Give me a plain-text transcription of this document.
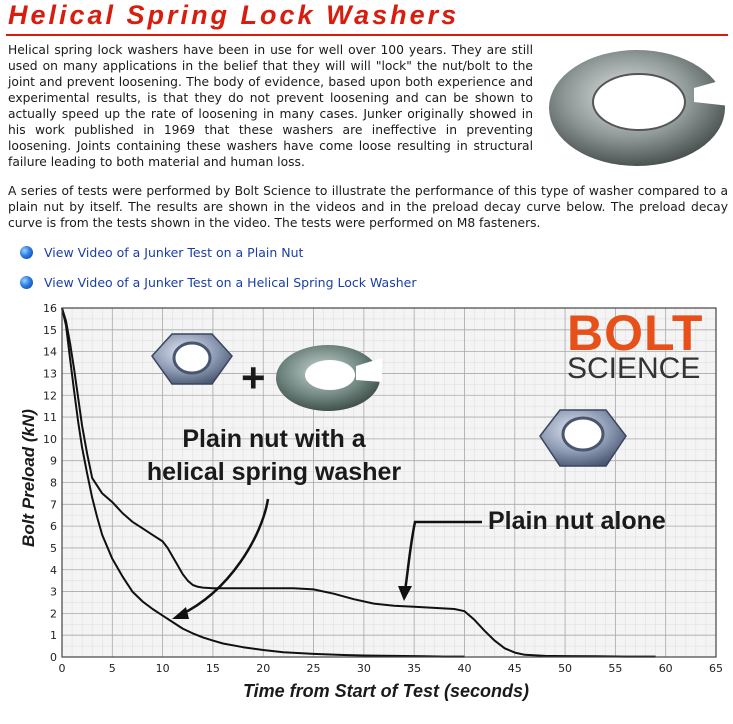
Helical Spring Lock Washers

Helical spring lock washers have been in use for well over 100 years. They are still used on many applications in the belief that they will will "lock" the nut/bolt to the joint and prevent loosening. The body of evidence, based upon both experience and experimental results, is that they do not prevent loosening and can be shown to actually speed up the rate of loosening in many cases. Junker originally showed in his work published in 1969 that these washers are ineffective in preventing loosening. Joints containing these washers have come loose resulting in structural failure leading to both material and human loss.

A series of tests were performed by Bolt Science to illustrate the performance of this type of washer compared to a plain nut by itself. The results are shown in the videos and in the preload decay curve below. The preload decay curve is from the tests shown in the video. The tests were performed on M8 fasteners.

View Video of a Junker Test on a Plain Nut
View Video of a Junker Test on a Helical Spring Lock Washer
0	5	10	15	20	25	30	35	40	45	50	55	60	65
0
1
2
3
4
5
6
7
8
9
10
11
12
13
14
15
16
+
BOLT
SCIENCE
Plain nut with a
helical spring washer
Plain nut alone
Time from Start of Test (seconds)
Bolt Preload (kN)
